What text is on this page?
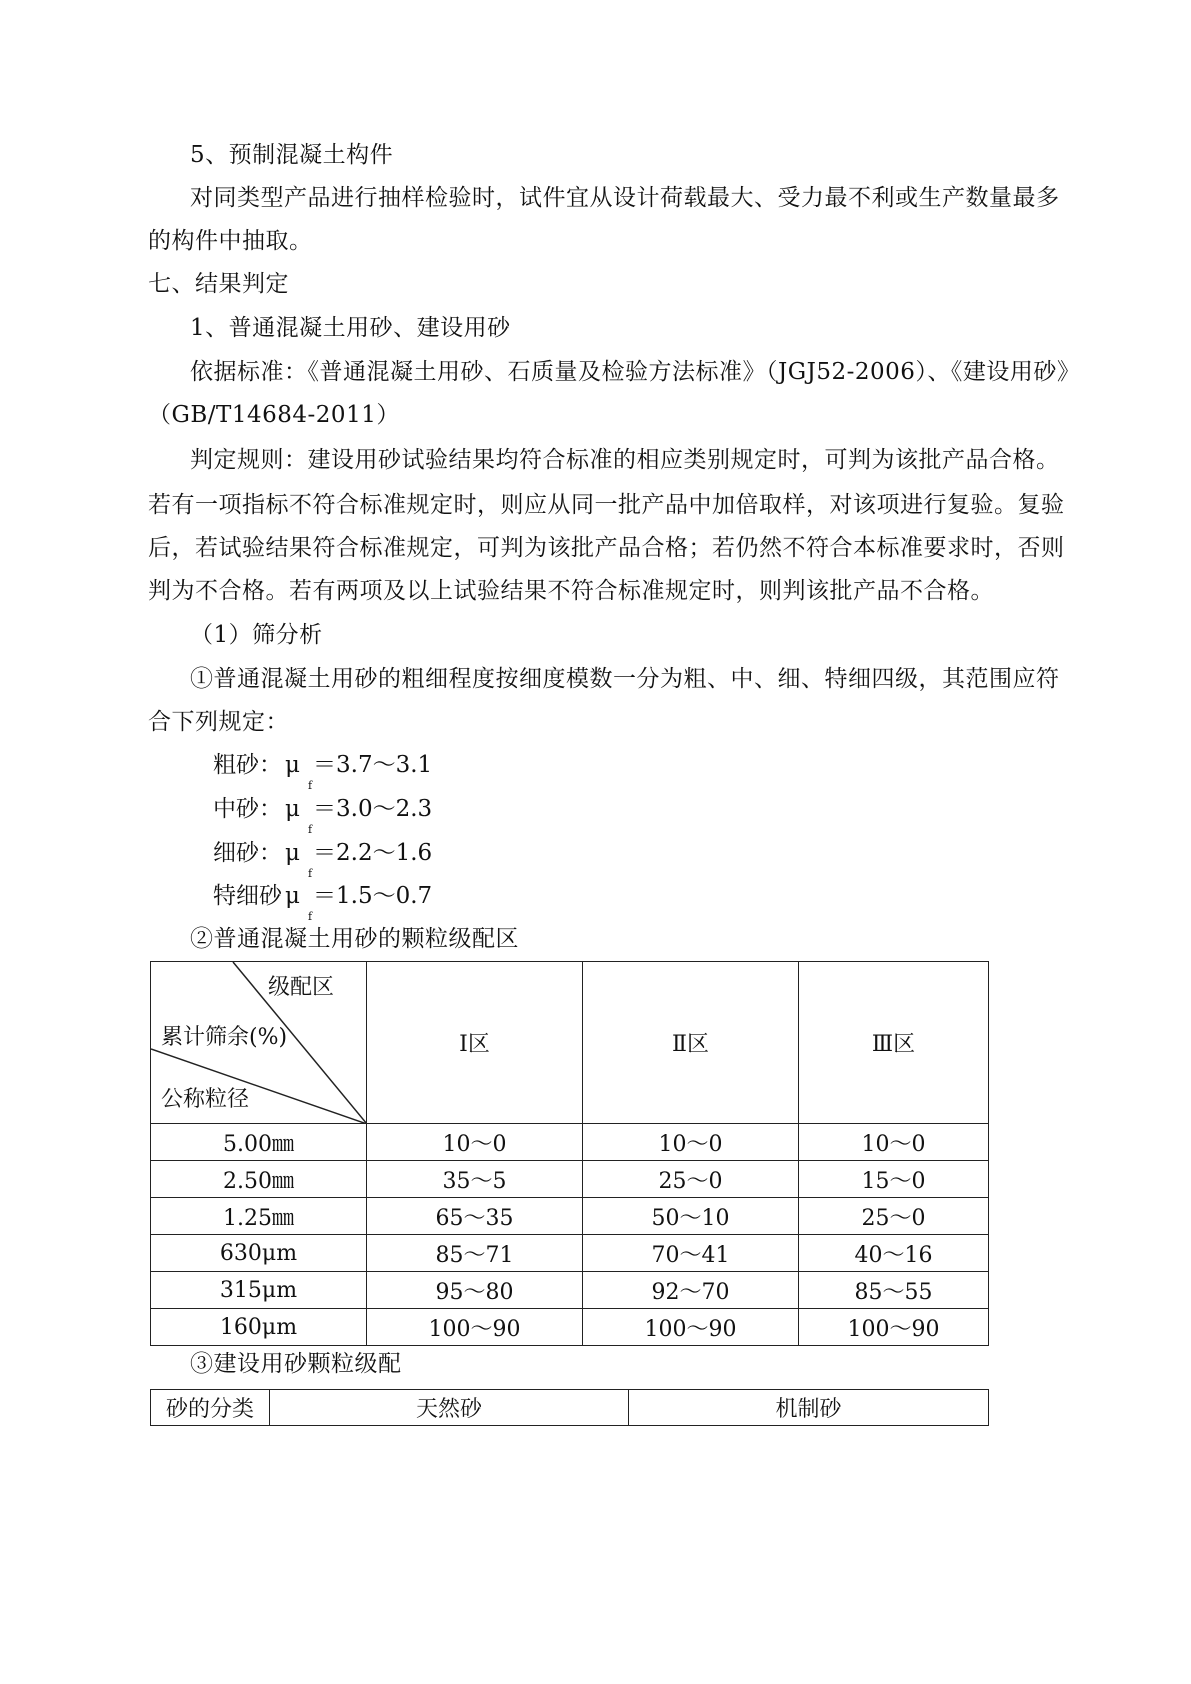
5、预制混凝土构件
对同类型产品进行抽样检验时，试件宜从设计荷载最大、受力最不利或生产数量最多
的构件中抽取。
七、结果判定
1、普通混凝土用砂、建设用砂
依据标准：《普通混凝土用砂、石质量及检验方法标准》（JGJ52-2006）、《建设用砂》
（GB/T14684-2011）
判定规则：建设用砂试验结果均符合标准的相应类别规定时，可判为该批产品合格。
若有一项指标不符合标准规定时，则应从同一批产品中加倍取样，对该项进行复验。复验
后，若试验结果符合标准规定，可判为该批产品合格；若仍然不符合本标准要求时，否则
判为不合格。若有两项及以上试验结果不符合标准规定时，则判该批产品不合格。
（1）筛分析
①普通混凝土用砂的粗细程度按细度模数一分为粗、中、细、特细四级，其范围应符
合下列规定：
粗砂： μ
f
＝3.7～3.1
中砂： μ
f
＝3.0～2.3
细砂： μ
f
＝2.2～1.6
特细砂 μ
f
＝1.5～0.7
②普通混凝土用砂的颗粒级配区
级配区
累计筛余(%)
公称粒径	Ⅰ区	Ⅱ区	Ⅲ区
5.00㎜	10～0	10～0	10～0
2.50㎜	35～5	25～0	15～0
1.25㎜	65～35	50～10	25～0
630μm	85～71	70～41	40～16
315μm	95～80	92～70	85～55
160μm	100～90	100～90	100～90
③建设用砂颗粒级配
砂的分类	天然砂	机制砂
